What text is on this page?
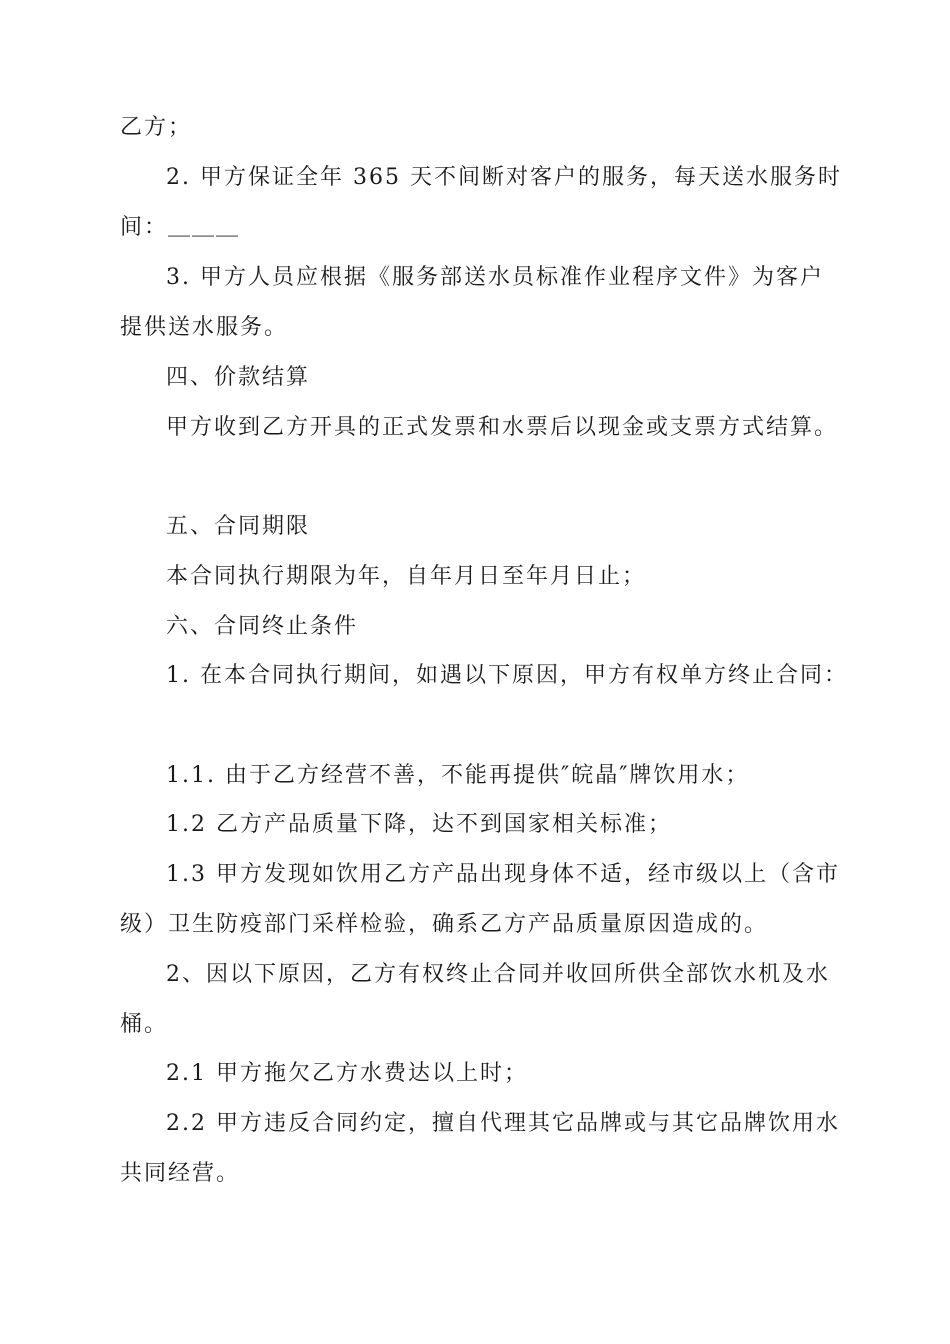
乙方；
2. 甲方保证全年 365 天不间断对客户的服务，每天送水服务时
间：＿＿＿
3. 甲方人员应根据《服务部送水员标准作业程序文件》为客户
提供送水服务。
四、价款结算
甲方收到乙方开具的正式发票和水票后以现金或支票方式结算。
五、合同期限
本合同执行期限为年，自年月日至年月日止；
六、合同终止条件
1. 在本合同执行期间，如遇以下原因，甲方有权单方终止合同：
1.1. 由于乙方经营不善，不能再提供″皖晶″牌饮用水；
1.2 乙方产品质量下降，达不到国家相关标准；
1.3 甲方发现如饮用乙方产品出现身体不适，经市级以上（含市
级）卫生防疫部门采样检验，确系乙方产品质量原因造成的。
2、因以下原因，乙方有权终止合同并收回所供全部饮水机及水
桶。
2.1 甲方拖欠乙方水费达以上时；
2.2 甲方违反合同约定，擅自代理其它品牌或与其它品牌饮用水
共同经营。
